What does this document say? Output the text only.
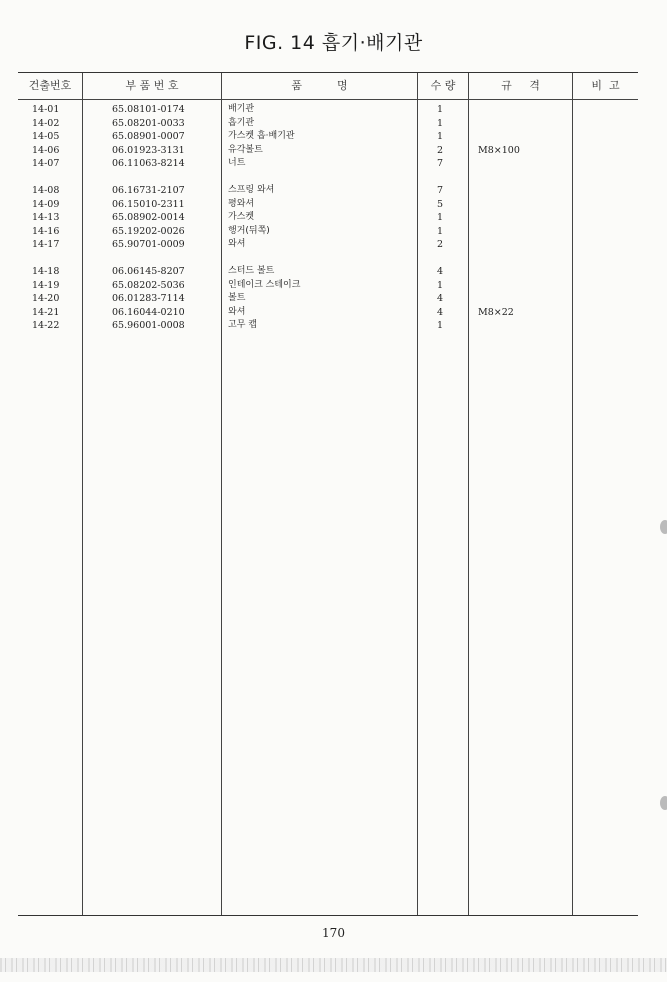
FIG. 14 흡기·배기관
건출번호	부 품 번 호	품          명	수 량	규     격	비  고
14-01	65.08101-0174	배기관	1
14-02	65.08201-0033	흡기관	1
14-05	65.08901-0007	가스켓 흡·배기관	1
14-06	06.01923-3131	유각볼트	2	M8×100
14-07	06.11063-8214	너트	7
14-08	06.16731-2107	스프링 와셔	7
14-09	06.15010-2311	평와셔	5
14-13	65.08902-0014	가스켓	1
14-16	65.19202-0026	행거(뒤쪽)	1
14-17	65.90701-0009	와셔	2
14-18	06.06145-8207	스터드 볼트	4
14-19	65.08202-5036	인테이크 스테이크	1
14-20	06.01283-7114	볼트	4
14-21	06.16044-0210	와셔	4	M8×22
14-22	65.96001-0008	고무 캡	1
170
